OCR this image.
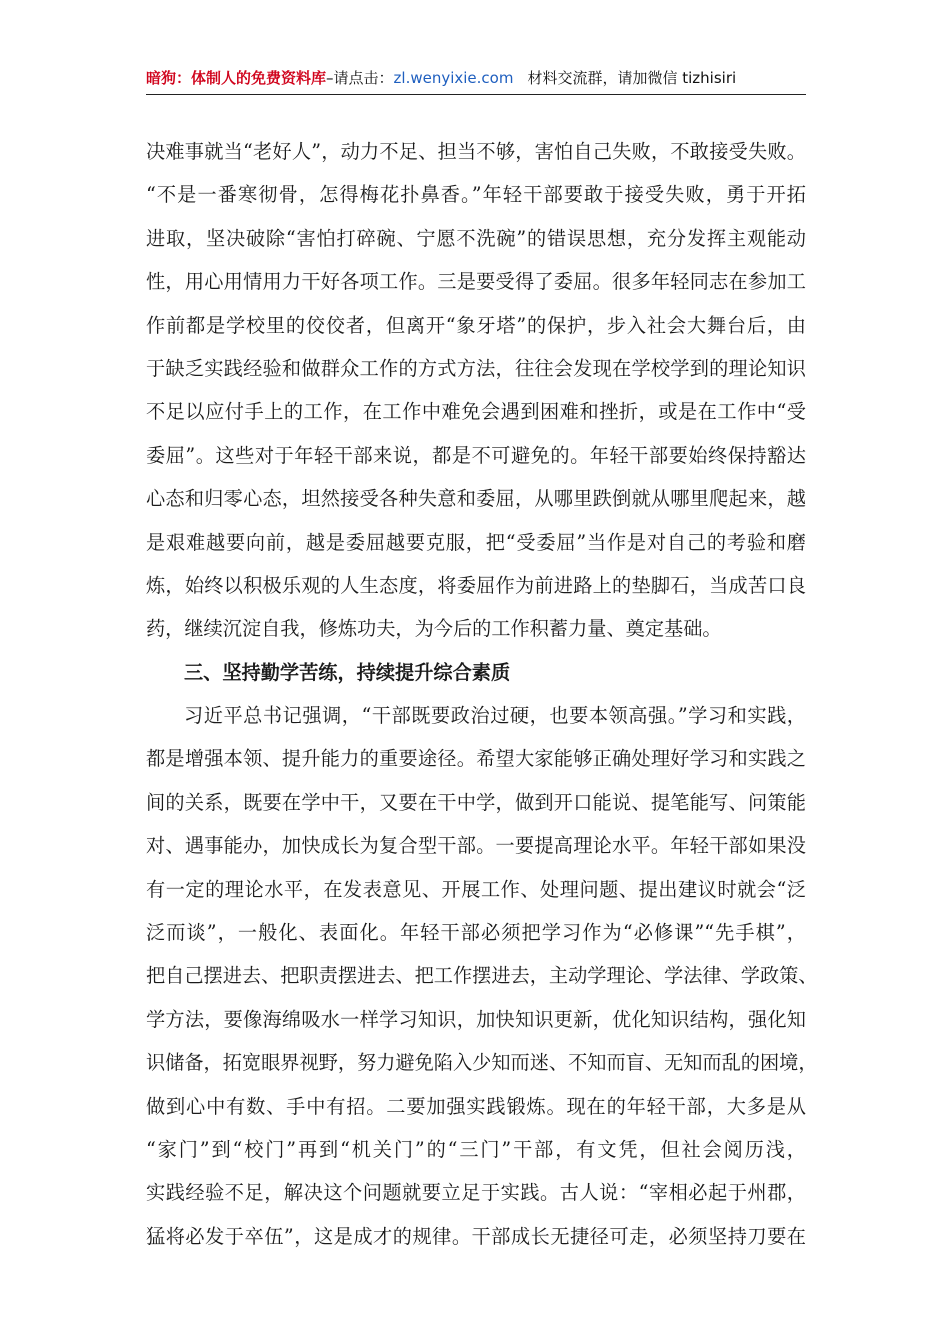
暗狗：体制人的免费资料库–请点击：zl.wenyixie.com 材料交流群，请加微信 tizhisiri
决难事就当“老好人”，动力不足、担当不够，害怕自己失败，不敢接受失败。
“不是一番寒彻骨，怎得梅花扑鼻香。”年轻干部要敢于接受失败，勇于开拓
进取，坚决破除“害怕打碎碗、宁愿不洗碗”的错误思想，充分发挥主观能动
性，用心用情用力干好各项工作。三是要受得了委屈。很多年轻同志在参加工
作前都是学校里的佼佼者，但离开“象牙塔”的保护，步入社会大舞台后，由
于缺乏实践经验和做群众工作的方式方法，往往会发现在学校学到的理论知识
不足以应付手上的工作，在工作中难免会遇到困难和挫折，或是在工作中“受
委屈”。这些对于年轻干部来说，都是不可避免的。年轻干部要始终保持豁达
心态和归零心态，坦然接受各种失意和委屈，从哪里跌倒就从哪里爬起来，越
是艰难越要向前，越是委屈越要克服，把“受委屈”当作是对自己的考验和磨
炼，始终以积极乐观的人生态度，将委屈作为前进路上的垫脚石，当成苦口良
药，继续沉淀自我，修炼功夫，为今后的工作积蓄力量、奠定基础。
三、坚持勤学苦练，持续提升综合素质
习近平总书记强调，“干部既要政治过硬，也要本领高强。”学习和实践，
都是增强本领、提升能力的重要途径。希望大家能够正确处理好学习和实践之
间的关系，既要在学中干，又要在干中学，做到开口能说、提笔能写、问策能
对、遇事能办，加快成长为复合型干部。一要提高理论水平。年轻干部如果没
有一定的理论水平，在发表意见、开展工作、处理问题、提出建议时就会“泛
泛而谈”，一般化、表面化。年轻干部必须把学习作为“必修课”“先手棋”，
把自己摆进去、把职责摆进去、把工作摆进去，主动学理论、学法律、学政策、
学方法，要像海绵吸水一样学习知识，加快知识更新，优化知识结构，强化知
识储备，拓宽眼界视野，努力避免陷入少知而迷、不知而盲、无知而乱的困境，
做到心中有数、手中有招。二要加强实践锻炼。现在的年轻干部，大多是从
“家门”到“校门”再到“机关门”的“三门”干部，有文凭，但社会阅历浅，
实践经验不足，解决这个问题就要立足于实践。古人说：“宰相必起于州郡，
猛将必发于卒伍”，这是成才的规律。干部成长无捷径可走，必须坚持刀要在
